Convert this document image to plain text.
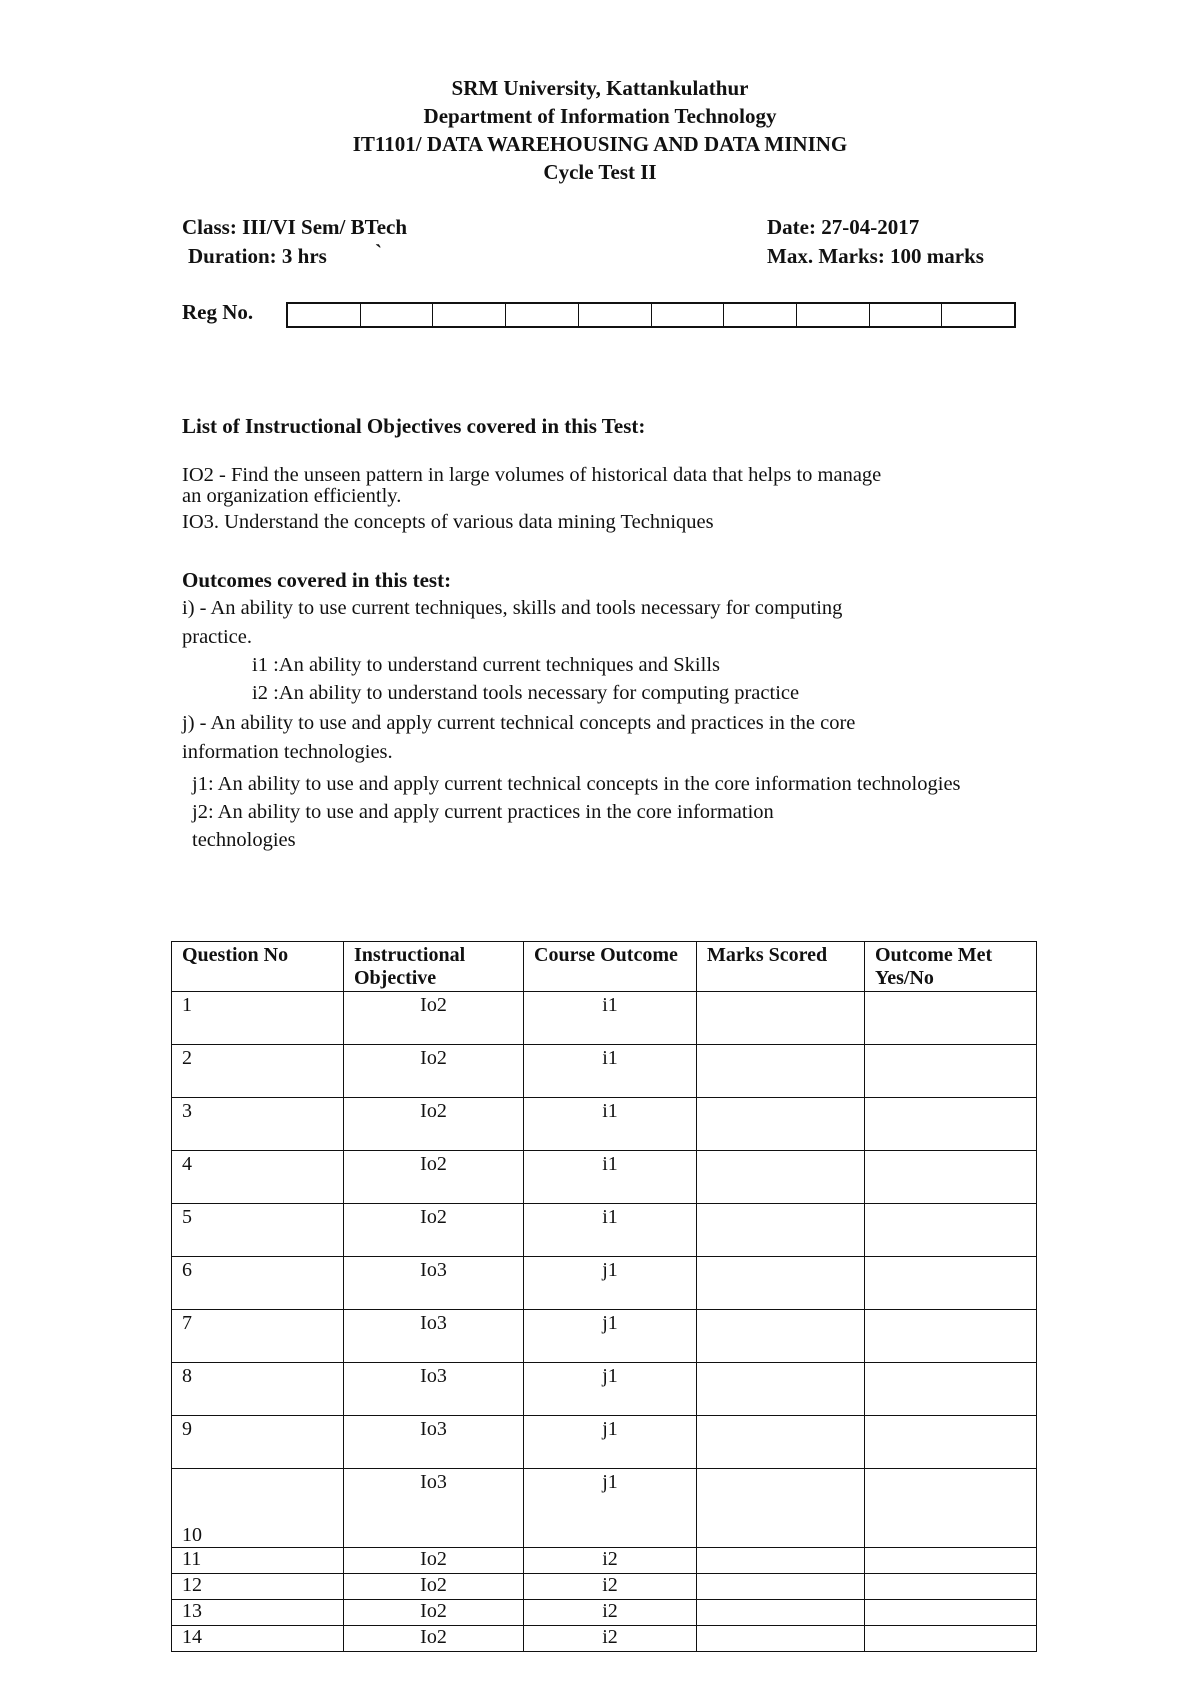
SRM University, Kattankulathur
Department of Information Technology
IT1101/ DATA WAREHOUSING AND DATA MINING
Cycle Test II
Class: III/VI Sem/ BTech	Date: 27-04-2017
Duration: 3 hrs `	Max. Marks: 100 marks
Reg No.
List of Instructional Objectives covered in this Test:
IO2 - Find the unseen pattern in large volumes of historical data that helps to manage
an organization efficiently.
IO3. Understand the concepts of various data mining Techniques
Outcomes covered in this test:
i) - An ability to use current techniques, skills and tools necessary for computing
practice.
i1 :An ability to understand current techniques and Skills
i2 :An ability to understand tools necessary for computing practice
j) - An ability to use and apply current technical concepts and practices in the core
information technologies.
j1: An ability to use and apply current technical concepts in the core information technologies
j2: An ability to use and apply current practices in the core information
technologies
Question No	Instructional Objective	Course Outcome	Marks Scored	Outcome Met Yes/No
1	Io2	i1		
2	Io2	i1		
3	Io2	i1		
4	Io2	i1		
5	Io2	i1		
6	Io3	j1		
7	Io3	j1		
8	Io3	j1		
9	Io3	j1		
10	Io3	j1		
11	Io2	i2		
12	Io2	i2		
13	Io2	i2		
14	Io2	i2		
